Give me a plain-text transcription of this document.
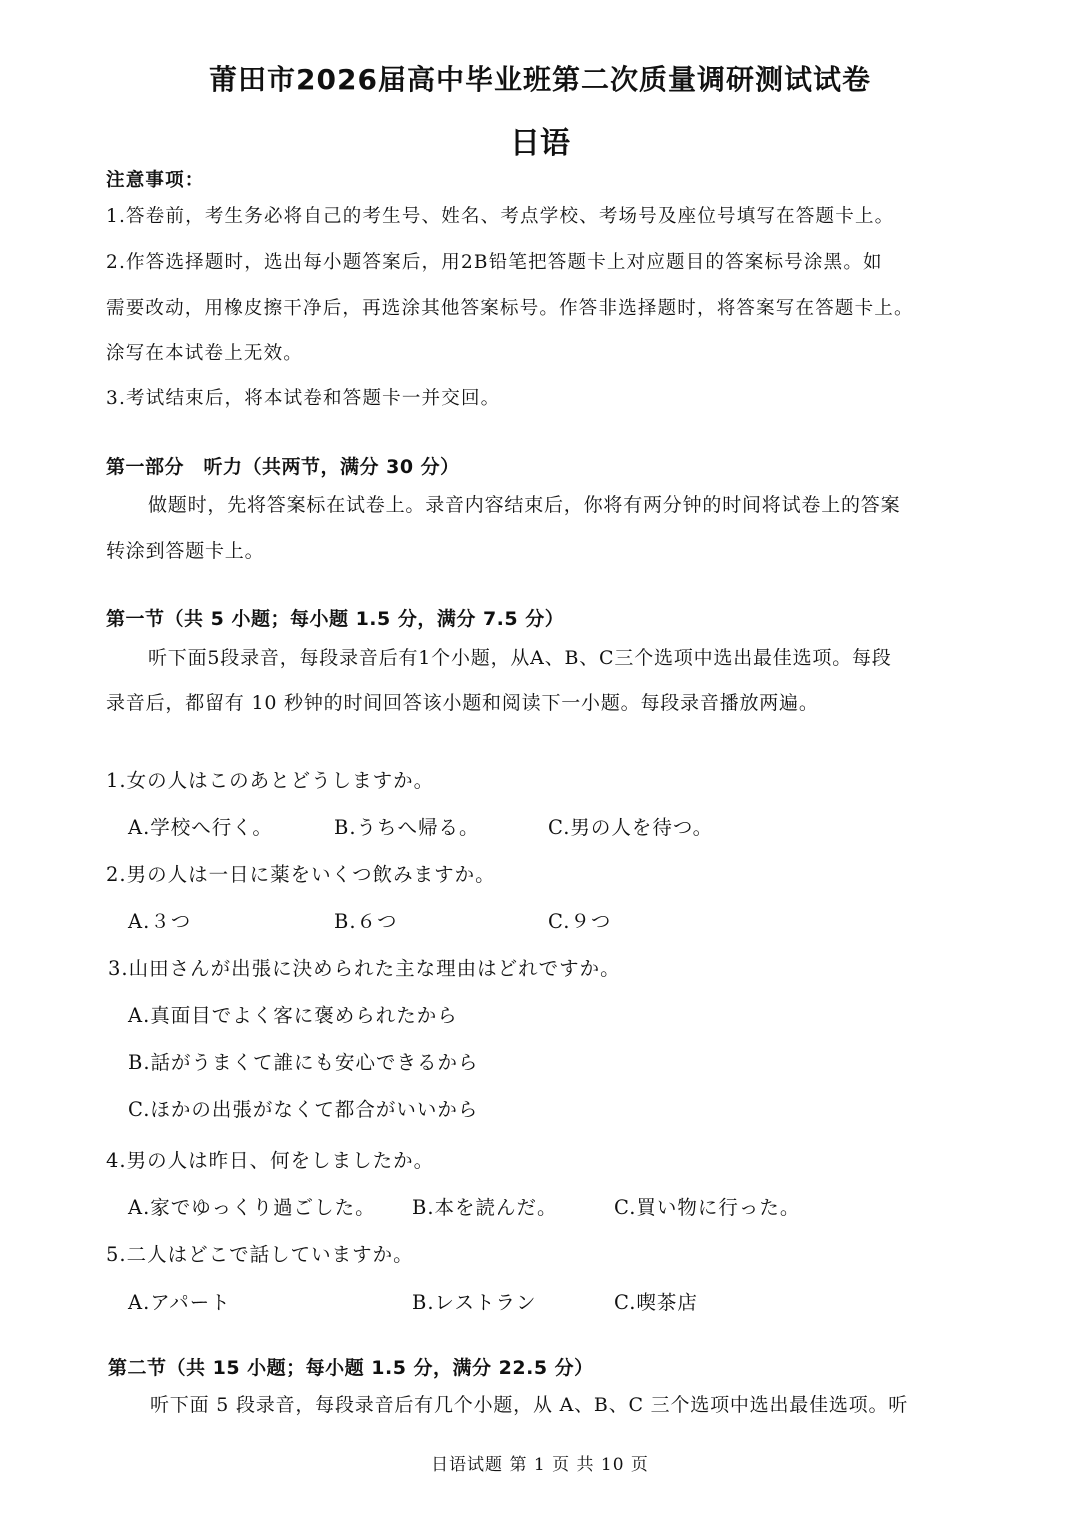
莆田市2026届高中毕业班第二次质量调研测试试卷
日语
注意事项：
1.答卷前，考生务必将自己的考生号、姓名、考点学校、考场号及座位号填写在答题卡上。
2.作答选择题时，选出每小题答案后，用2B铅笔把答题卡上对应题目的答案标号涂黑。如
需要改动，用橡皮擦干净后，再选涂其他答案标号。作答非选择题时，将答案写在答题卡上。
涂写在本试卷上无效。
3.考试结束后，将本试卷和答题卡一并交回。
第一部分　听力（共两节，满分 30 分）
做题时，先将答案标在试卷上。录音内容结束后，你将有两分钟的时间将试卷上的答案
转涂到答题卡上。
第一节（共 5 小题；每小题 1.5 分，满分 7.5 分）
听下面5段录音，每段录音后有1个小题，从A、B、C三个选项中选出最佳选项。每段
录音后，都留有 10 秒钟的时间回答该小题和阅读下一小题。每段录音播放两遍。
1.女の人はこのあとどうしますか。
A.学校へ行く。	B.うちへ帰る。	C.男の人を待つ。
2.男の人は一日に薬をいくつ飲みますか。
A.３つ	B.６つ	C.９つ
3.山田さんが出張に決められた主な理由はどれですか。
A.真面目でよく客に褒められたから
B.話がうまくて誰にも安心できるから
C.ほかの出張がなくて都合がいいから
4.男の人は昨日、何をしましたか。
A.家でゆっくり過ごした。 B.本を読んだ。	C.買い物に行った。
5.二人はどこで話していますか。
A.アパート	B.レストラン	C.喫茶店
第二节（共 15 小题；每小题 1.5 分，满分 22.5 分）
听下面 5 段录音，每段录音后有几个小题，从 A、B、C 三个选项中选出最佳选项。听
日语试题 第 1 页 共 10 页
